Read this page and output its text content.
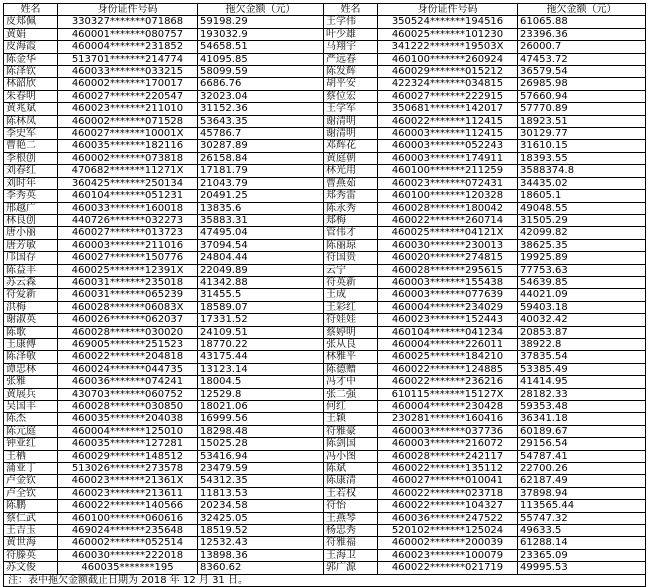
姓名	身份证件号码	拖欠金额（元）	姓名	身份证件号码	拖欠金额（元）
皮郑佩	330327*******071868	59198.29	王学伟	350524*******194516	61065.88
黄娟	460001*******080757	193032.9	叶少雄	460025*******101230	23396.36
皮海霞	460004*******231852	54658.51	马翔宇	341222*******19503X	26000.7
陈金华	513701*******214774	41095.85	严远春	460100*******260924	47453.72
陈泽钦	460033*******033215	58099.59	陈发辉	460029*******015212	36579.54
林韶欣	460002*******170017	6686.76	胡平安	422324*******034815	26985.98
朱春明	460027*******220547	32023.04	蔡位宏	460027*******222915	57660.94
黄兆斌	460023*******211010	31152.36	王学军	350681*******142017	57770.89
陈林凤	460002*******071528	53643.35	谢清明	460022*******112415	18923.51
李史军	460027*******10001X	45786.7	谢清明	460003*******112415	30129.77
曹艳二	460035*******182116	30287.89	邓辉花	460003*******052243	31610.15
李根创	460002*******073818	26158.84	黄庭朝	460003*******174911	18393.55
刘春红	470682*******11271X	17181.79	林光用	460100*******211259	3588374.8
刘时年	360425*******250134	21043.79	曹燕茹	460023*******072431	34435.02
李秀英	460104*******051231	20491.25	郑秀雷	460100*******120328	18605.1
邢越广	460033*******160018	13835.6	陈永秀	460028*******180042	49048.55
林良创	440726*******032273	35883.31	郑梅	460022*******260714	31505.29
唐小丽	460027*******013723	47495.04	管伟才	460025*******04121X	42099.82
唐芳敏	460003*******211016	37094.54	陈丽琼	460030*******230013	38625.35
邝国存	460027*******150776	24804.44	符国贵	460020*******274815	19925.89
陈益丰	460025*******12391X	22049.89	云宁	460028*******295615	77753.63
苏云森	460031*******235018	41342.88	符英新	460003*******155438	54639.85
符爱新	460031*******065239	31455.5	王成	460003*******077639	44021.09
洪梅	460028*******06083X	18589.07	王彩红	460004*******234029	59403.18
谢淑英	460026*******062037	17331.52	符娃娃	460023*******152443	40032.42
陈歌	460028*******030020	24109.51	蔡婷明	460104*******041234	20853.87
王康傅	469005*******251523	18770.22	张从良	460004*******226011	38922.8
陈泽敬	460022*******204818	43175.44	林雅平	460025*******184210	37835.54
谭忠林	460024*******044735	13123.14	陈德赠	460022*******124885	53385.49
张雅	460036*******074241	18004.5	冯才中	460022*******236216	41414.95
黄展兵	430703*******060752	12529.8	张二强	610115*******15127X	28182.33
吴国丰	460028*******030850	18021.06	何红	460004*******230428	59353.48
陈杰	460035*******204038	16999.56	王颖	230281*******160416	36341.18
陈元庭	460004*******125010	18298.48	符雅豪	460003*******037736	60189.67
钟亚红	460035*******127281	15025.28	陈剑国	460003*******216072	29156.54
王栖	460029*******148512	53416.94	冯小图	460028*******242117	54787.41
蒲亚丁	513026*******273578	23479.59	陈斌	460022*******135112	22700.26
卢金钦	460023*******21361X	54312.35	陈康清	460027*******010041	62187.49
卢全钦	460023*******213611	11813.53	王若权	460022*******023718	37898.94
陈鹏	460022*******140566	20234.58	符怡	460022*******104327	113565.44
蔡仁武	460100*******060616	32425.05	王燕琴	460036*******247522	55747.32
王吉玉	469024*******235648	18519.52	杨忠秀	520102*******125024	49633.5
黄世海	460002*******052514	12532.43	符雅福	460002*******200039	61288.14
符滕英	460030*******222018	13898.36	王海卫	460023*******100079	23365.09
苏文俊	460035*******195	8360.62	郭广源	460022*******021719	49995.53
注：表中拖欠金额截止日期为 2018 年 12 月 31 日。					
